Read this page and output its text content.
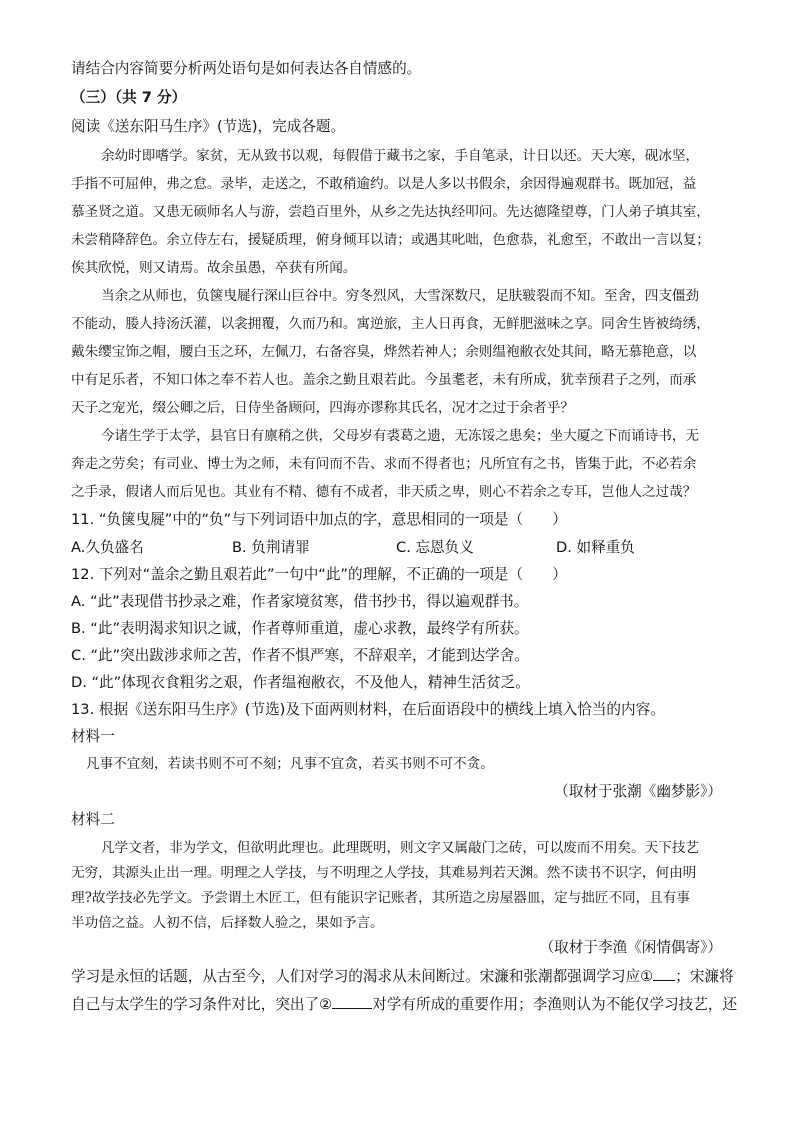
请结合内容简要分析两处语句是如何表达各自情感的。
（三）（共 7 分）
阅读《送东阳马生序》(节选)，完成各题。
余幼时即嗜学。家贫，无从致书以观，每假借于藏书之家，手自笔录，计日以还。天大寒，砚冰坚，
手指不可屈伸，弗之怠。录毕，走送之，不敢稍逾约。以是人多以书假余，余因得遍观群书。既加冠，益
慕圣贤之道。又患无硕师名人与游，尝趋百里外，从乡之先达执经叩问。先达德隆望尊，门人弟子填其室，
未尝稍降辞色。余立侍左右，援疑质理，俯身倾耳以请；或遇其叱咄，色愈恭，礼愈至，不敢出一言以复；
俟其欣悦，则又请焉。故余虽愚，卒获有所闻。
当余之从师也，负箧曳屣行深山巨谷中。穷冬烈风，大雪深数尺，足肤皲裂而不知。至舍，四支僵劲
不能动，媵人持汤沃灌，以衾拥覆，久而乃和。寓逆旅，主人日再食，无鲜肥滋味之享。同舍生皆被绮绣，
戴朱缨宝饰之帽，腰白玉之环，左佩刀，右备容臭，烨然若神人；余则缊袍敝衣处其间，略无慕艳意，以
中有足乐者，不知口体之奉不若人也。盖余之勤且艰若此。今虽耄老，未有所成，犹幸预君子之列，而承
天子之宠光，缀公卿之后，日侍坐备顾问，四海亦谬称其氏名，况才之过于余者乎？
今诸生学于太学，县官日有廪稍之供，父母岁有裘葛之遗，无冻馁之患矣；坐大厦之下而诵诗书，无
奔走之劳矣；有司业、博士为之师，未有问而不告、求而不得者也；凡所宜有之书，皆集于此，不必若余
之手录，假诸人而后见也。其业有不精、德有不成者，非天质之卑，则心不若余之专耳，岂他人之过哉？
11. “负箧曳屣”中的“负”与下列词语中加点的字，意思相同的一项是（　　）
A.久负盛名	B. 负荆请罪	C. 忘恩负义	D. 如释重负
12. 下列对“盖余之勤且艰若此”一句中“此”的理解，不正确的一项是（　　）
A. “此”表现借书抄录之难，作者家境贫寒，借书抄书，得以遍观群书。
B. “此”表明渴求知识之诚，作者尊师重道，虚心求教，最终学有所获。
C. “此”突出跋涉求师之苦，作者不惧严寒，不辞艰辛，才能到达学舍。
D. “此”体现衣食粗劣之艰，作者缊袍敝衣，不及他人，精神生活贫乏。
13. 根据《送东阳马生序》(节选)及下面两则材料，在后面语段中的横线上填入恰当的内容。
材料一
凡事不宜刻，若读书则不可不刻；凡事不宜贪，若买书则不可不贪。
（取材于张潮《幽梦影》）
材料二
凡学文者，非为学文，但欲明此理也。此理既明，则文字又属敲门之砖，可以废而不用矣。天下技艺
无穷，其源头止出一理。明理之人学技，与不明理之人学技，其难易判若天渊。然不读书不识字，何由明
理?故学技必先学文。予尝谓土木匠工，但有能识字记账者，其所造之房屋器皿，定与拙匠不同，且有事
半功倍之益。人初不信，后择数人验之，果如予言。
（取材于李渔《闲情偶寄》）
学习是永恒的话题，从古至今，人们对学习的渴求从未间断过。宋濂和张潮都强调学习应① ；宋濂将
自己与太学生的学习条件对比，突出了②	对学有所成的重要作用；李渔则认为不能仅学习技艺，还
